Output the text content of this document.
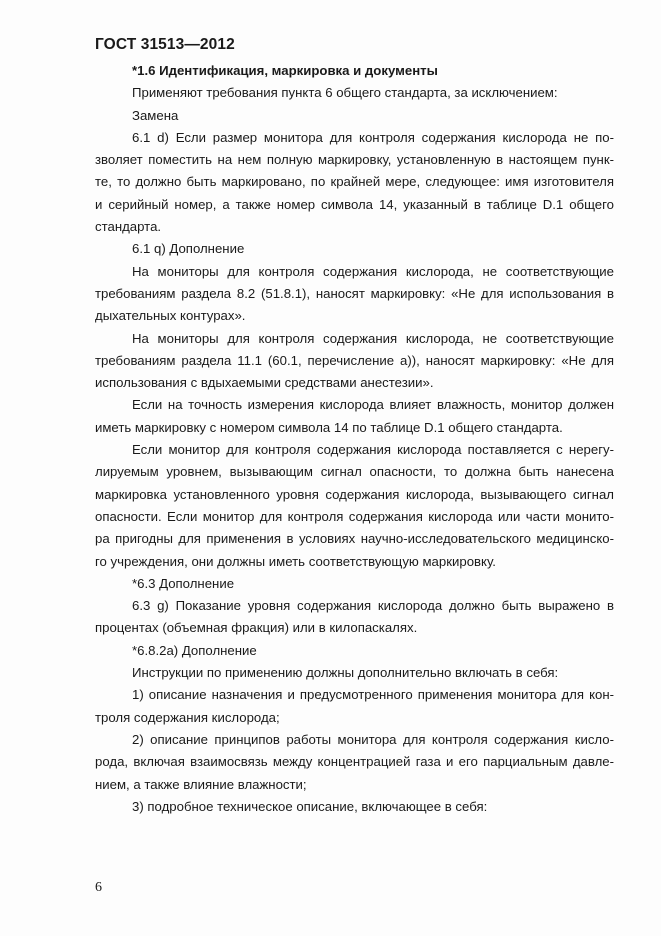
ГОСТ 31513—2012

*1.6 Идентификация, маркировка и документы

Применяют требования пункта 6 общего стандарта, за исключением:

Замена

6.1 d) Если размер монитора для контроля содержания кислорода не по-

зволяет поместить на нем полную маркировку, установленную в настоящем пунк-

те, то должно быть маркировано, по крайней мере, следующее: имя изготовителя

и серийный номер, а также номер символа 14, указанный в таблице D.1 общего

стандарта.

6.1 q) Дополнение

На мониторы для контроля содержания кислорода, не соответствующие

требованиям раздела 8.2 (51.8.1), наносят маркировку: «Не для использования в

дыхательных контурах».

На мониторы для контроля содержания кислорода, не соответствующие

требованиям раздела 11.1 (60.1, перечисление a)), наносят маркировку: «Не для

использования с вдыхаемыми средствами анестезии».

Если на точность измерения кислорода влияет влажность, монитор должен

иметь маркировку с номером символа 14 по таблице D.1 общего стандарта.

Если монитор для контроля содержания кислорода поставляется с нерегу-

лируемым уровнем, вызывающим сигнал опасности, то должна быть нанесена

маркировка установленного уровня содержания кислорода, вызывающего сигнал

опасности. Если монитор для контроля содержания кислорода или части монито-

ра пригодны для применения в условиях научно-исследовательского медицинско-

го учреждения, они должны иметь соответствующую маркировку.

*6.3 Дополнение

6.3 g) Показание уровня содержания кислорода должно быть выражено в

процентах (объемная фракция) или в килопаскалях.

*6.8.2a) Дополнение

Инструкции по применению должны дополнительно включать в себя:

1) описание назначения и предусмотренного применения монитора для кон-

троля содержания кислорода;

2) описание принципов работы монитора для контроля содержания кисло-

рода, включая взаимосвязь между концентрацией газа и его парциальным давле-

нием, а также влияние влажности;

3) подробное техническое описание, включающее в себя:

6
